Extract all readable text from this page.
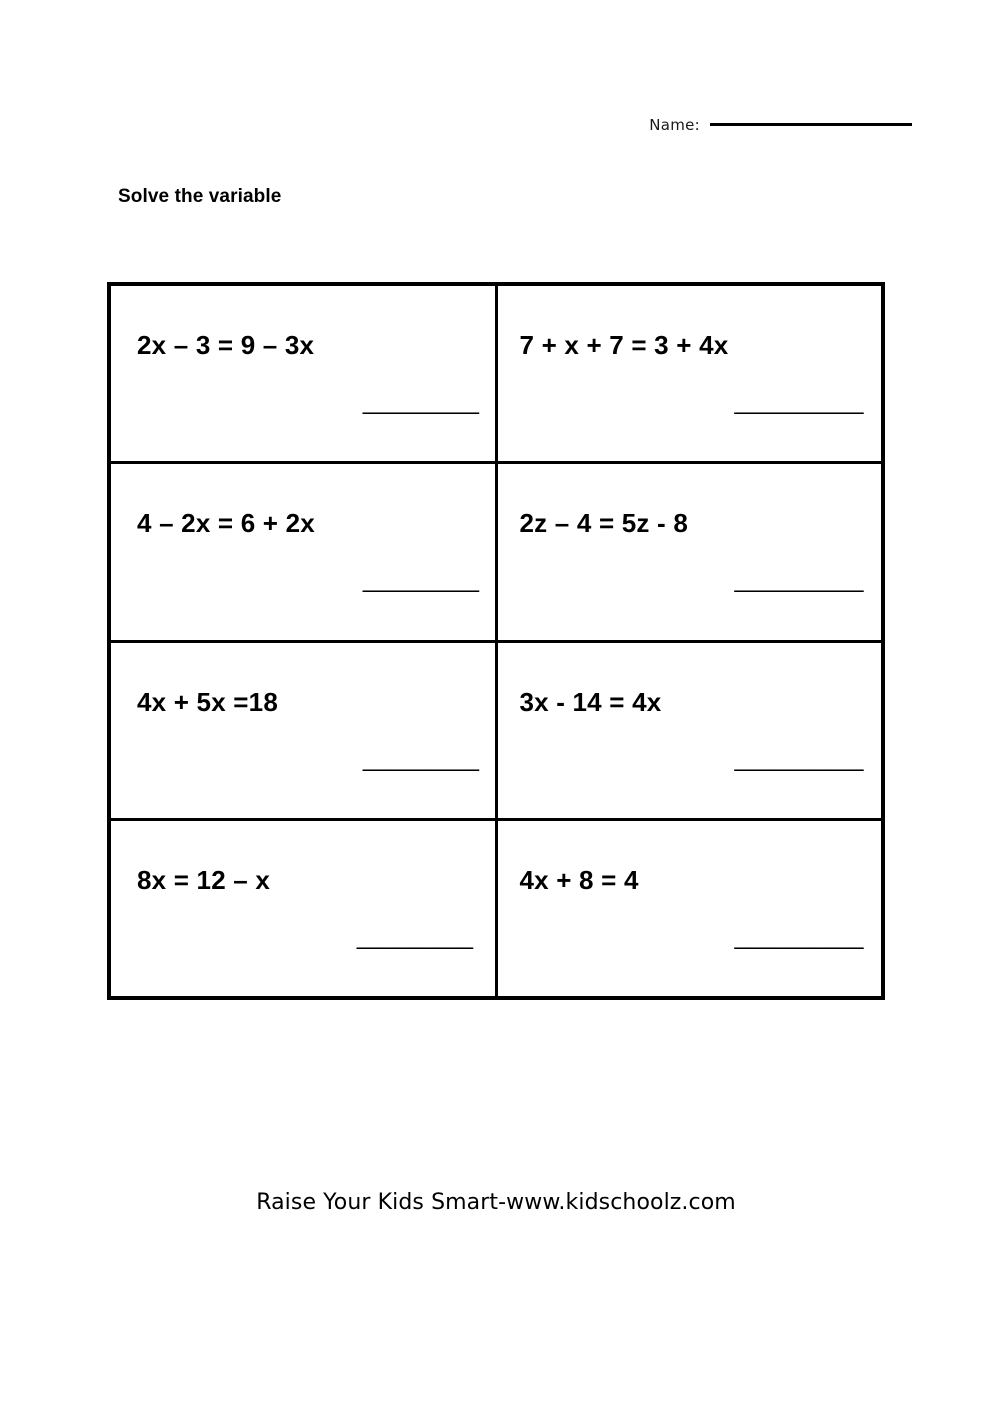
Name:
Solve the variable
2x – 3 = 9 – 3x
_________
7 + x + 7 = 3 + 4x
__________
4 – 2x = 6 + 2x
_________
2z – 4 = 5z - 8
__________
4x + 5x =18
_________
3x - 14 = 4x
__________
8x = 12 – x
_________
4x + 8 = 4
__________
Raise Your Kids Smart-www.kidschoolz.com
